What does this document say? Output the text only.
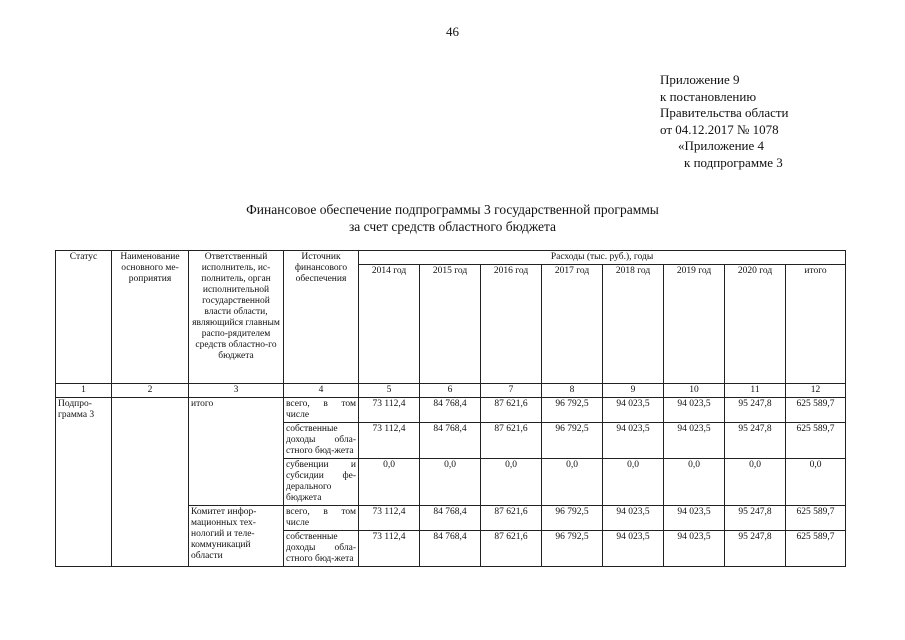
46
Приложение 9
к постановлению
Правительства области
от 04.12.2017 № 1078
«Приложение 4
к подпрограмме 3
Финансовое обеспечение подпрограммы 3 государственной программы
за счет средств областного бюджета
Статус	Наименование основного ме-роприятия	Ответственный исполнитель, ис-полнитель, орган исполнительной государственной власти области, являющийся главным распо-рядителем средств областно-го бюджета	Источник финансового обеспечения	Расходы (тыс. руб.), годы							
				2014 год	2015 год	2016 год	2017 год	2018 год	2019 год	2020 год	итого
1	2	3	4	5	6	7	8	9	10	11	12
Подпро-грамма 3		итого	всего, в том числе	73 112,4	84 768,4	87 621,6	96 792,5	94 023,5	94 023,5	95 247,8	625 589,7
			собственные доходы обла-стного бюд-жета	73 112,4	84 768,4	87 621,6	96 792,5	94 023,5	94 023,5	95 247,8	625 589,7
			субвенции и субсидии фе-дерального бюджета	0,0	0,0	0,0	0,0	0,0	0,0	0,0	0,0
		Комитет инфор-мационных тех-нологий и теле-коммуникаций области	всего, в том числе	73 112,4	84 768,4	87 621,6	96 792,5	94 023,5	94 023,5	95 247,8	625 589,7
			собственные доходы обла-стного бюд-жета	73 112,4	84 768,4	87 621,6	96 792,5	94 023,5	94 023,5	95 247,8	625 589,7
